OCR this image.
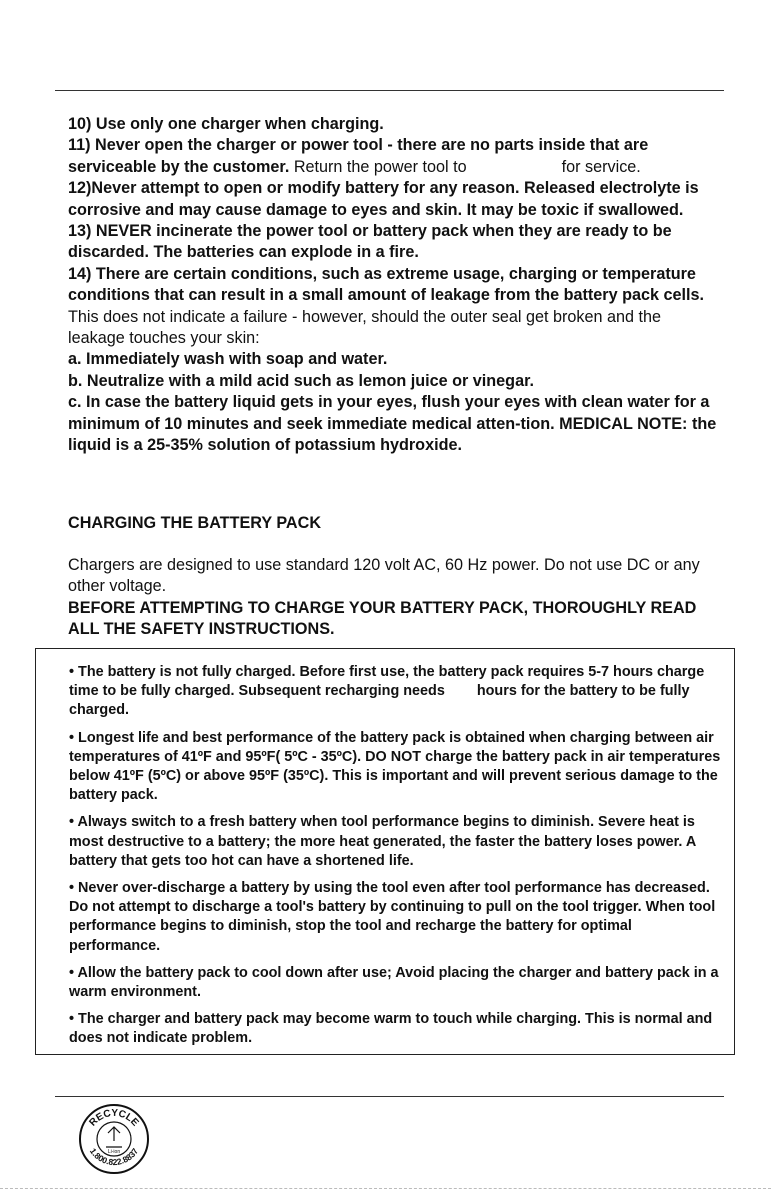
10) Use only one charger when charging.

11) Never open the charger or power tool - there are no parts inside that are serviceable by the customer. Return the power tool to	for service.

12)Never attempt to open or modify battery for any reason. Released electrolyte is corrosive and may cause damage to eyes and skin. It may be toxic if swallowed.

13) NEVER incinerate the power tool or battery pack when they are ready to be discarded. The batteries can explode in a fire.

14) There are certain conditions, such as extreme usage, charging or temperature conditions that can result in a small amount of leakage from the battery pack cells. This does not indicate a failure - however, should the outer seal get broken and the leakage touches your skin:

a. Immediately wash with soap and water.

b. Neutralize with a mild acid such as lemon juice or vinegar.

c. In case the battery liquid gets in your eyes, flush your eyes with clean water for a minimum of 10 minutes and seek immediate medical atten-tion. MEDICAL NOTE: the liquid is a 25-35% solution of potassium hydroxide.

CHARGING THE BATTERY PACK

Chargers are designed to use standard 120 volt AC, 60 Hz power. Do not use DC or any other voltage.

BEFORE ATTEMPTING TO CHARGE YOUR BATTERY PACK, THOROUGHLY READ ALL THE SAFETY INSTRUCTIONS.

• The battery is not fully charged. Before first use, the battery pack requires 5-7 hours charge time to be fully charged. Subsequent recharging needs hours for the battery to be fully charged.

• Longest life and best performance of the battery pack is obtained when charging between air temperatures of 41ºF and 95ºF( 5ºC - 35ºC). DO NOT charge the battery pack in air temperatures below 41ºF (5ºC) or above 95ºF (35ºC). This is important and will prevent serious damage to the battery pack.

• Always switch to a fresh battery when tool performance begins to diminish. Severe heat is most destructive to a battery; the more heat generated, the faster the battery loses power. A battery that gets too hot can have a shortened life.

• Never over-discharge a battery by using the tool even after tool performance has decreased. Do not attempt to discharge a tool's battery by continuing to pull on the tool trigger. When tool performance begins to diminish, stop the tool and recharge the battery for optimal performance.

• Allow the battery pack to cool down after use; Avoid placing the charger and battery pack in a warm environment.

• The charger and battery pack may become warm to touch while charging. This is normal and does not indicate problem.

RECYCLE
1.800.822.8837
Li-ion
